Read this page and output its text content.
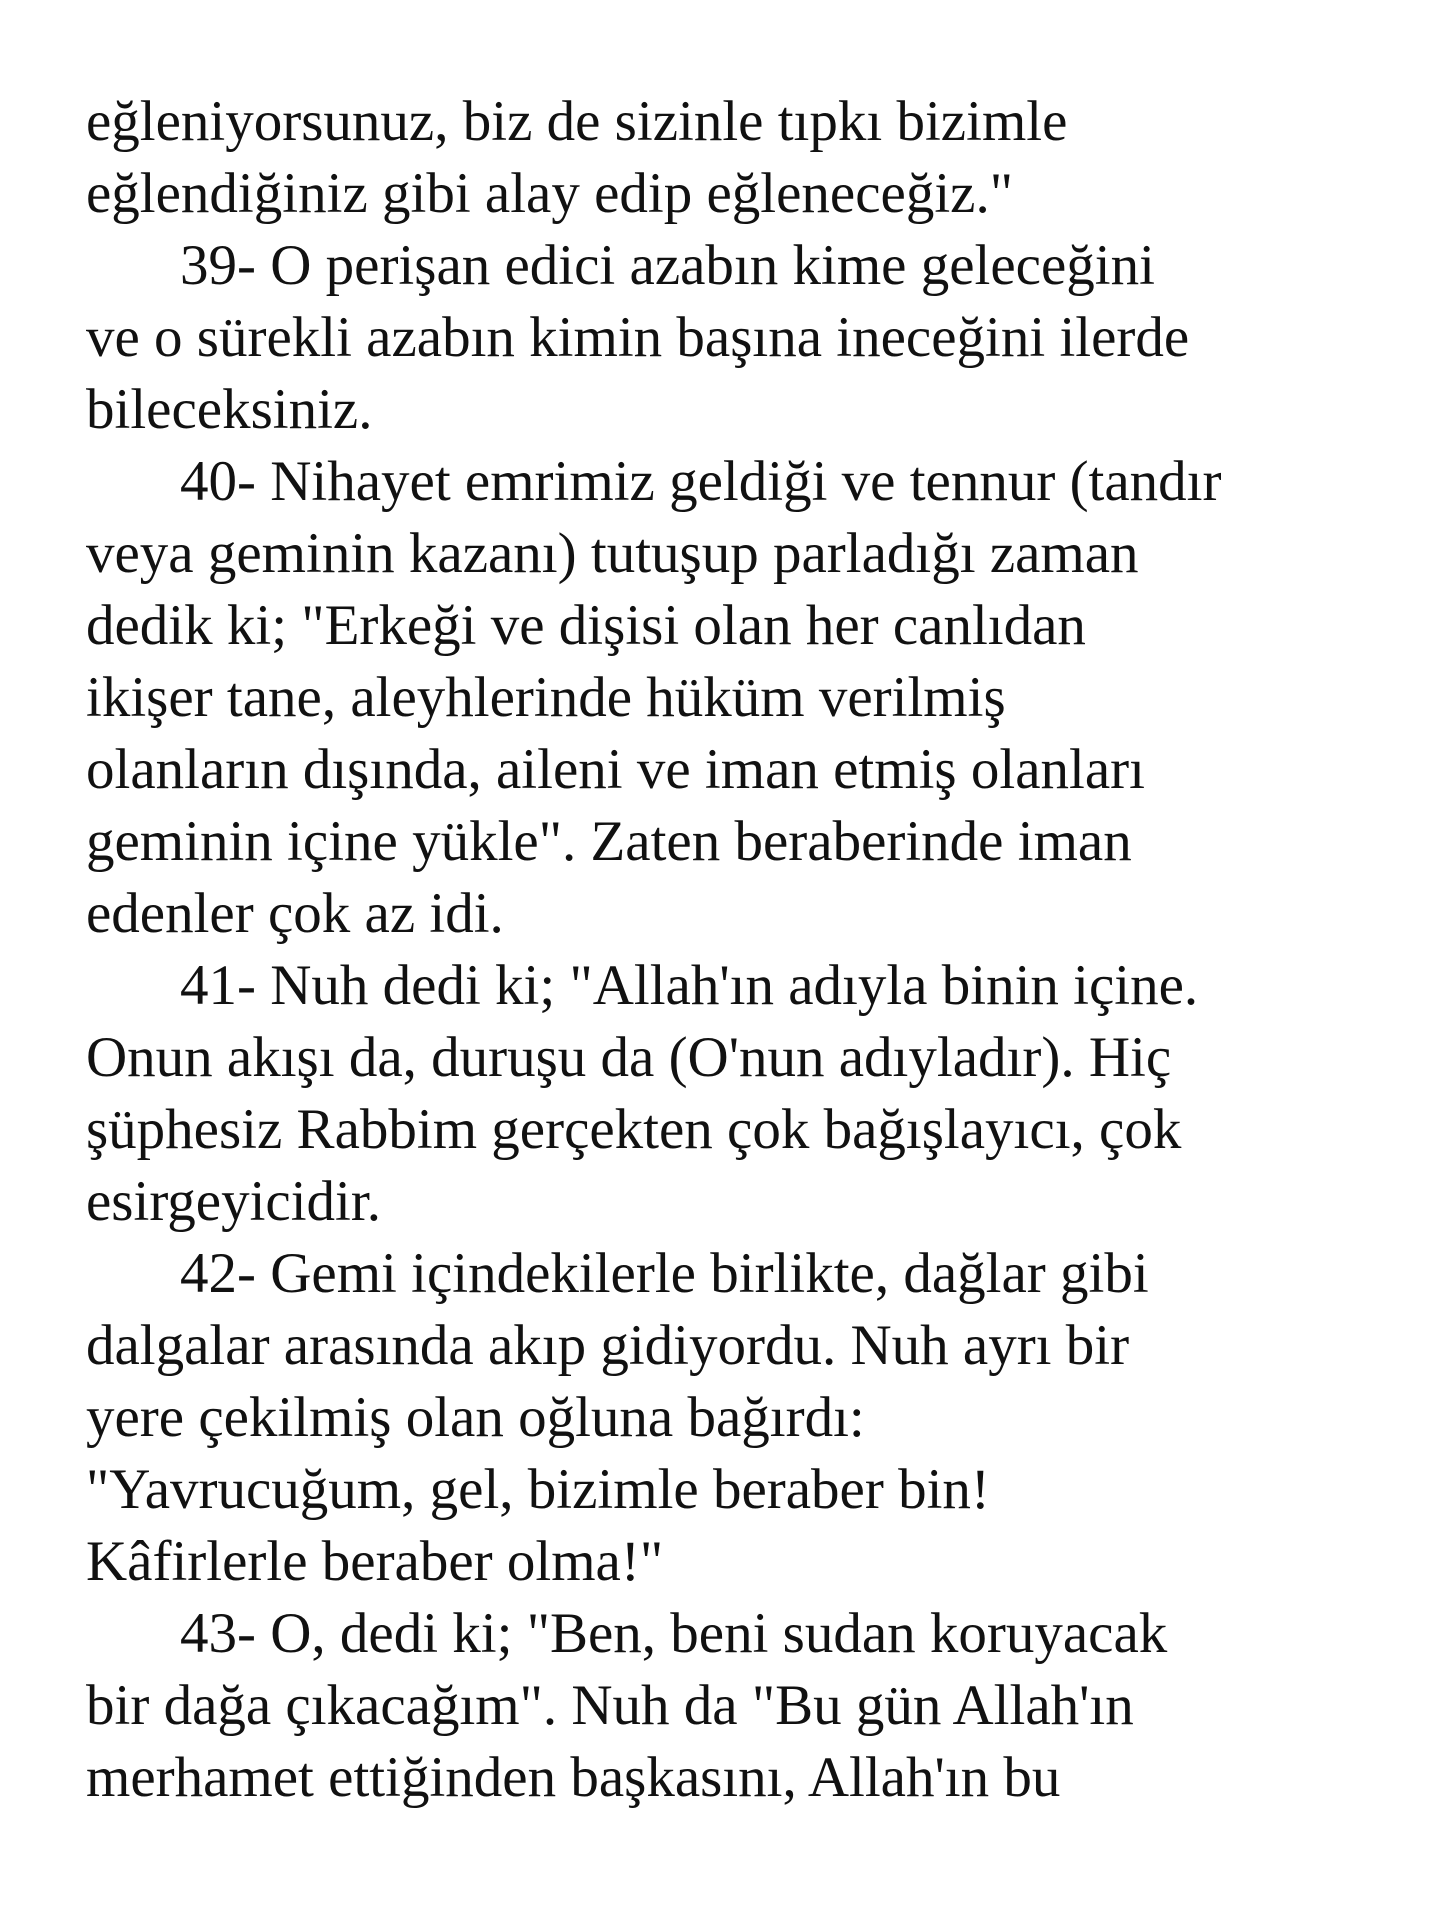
eğleniyorsunuz, biz de sizinle tıpkı bizimle
eğlendiğiniz gibi alay edip eğleneceğiz."
39- O perişan edici azabın kime geleceğini
ve o sürekli azabın kimin başına ineceğini ilerde
bileceksiniz.
40- Nihayet emrimiz geldiği ve tennur (tandır
veya geminin kazanı) tutuşup parladığı zaman
dedik ki; "Erkeği ve dişisi olan her canlıdan
ikişer tane, aleyhlerinde hüküm verilmiş
olanların dışında, aileni ve iman etmiş olanları
geminin içine yükle". Zaten beraberinde iman
edenler çok az idi.
41- Nuh dedi ki; "Allah'ın adıyla binin içine.
Onun akışı da, duruşu da (O'nun adıyladır). Hiç
şüphesiz Rabbim gerçekten çok bağışlayıcı, çok
esirgeyicidir.
42- Gemi içindekilerle birlikte, dağlar gibi
dalgalar arasında akıp gidiyordu. Nuh ayrı bir
yere çekilmiş olan oğluna bağırdı:
"Yavrucuğum, gel, bizimle beraber bin!
Kâfirlerle beraber olma!"
43- O, dedi ki; "Ben, beni sudan koruyacak
bir dağa çıkacağım". Nuh da "Bu gün Allah'ın
merhamet ettiğinden başkasını, Allah'ın bu
